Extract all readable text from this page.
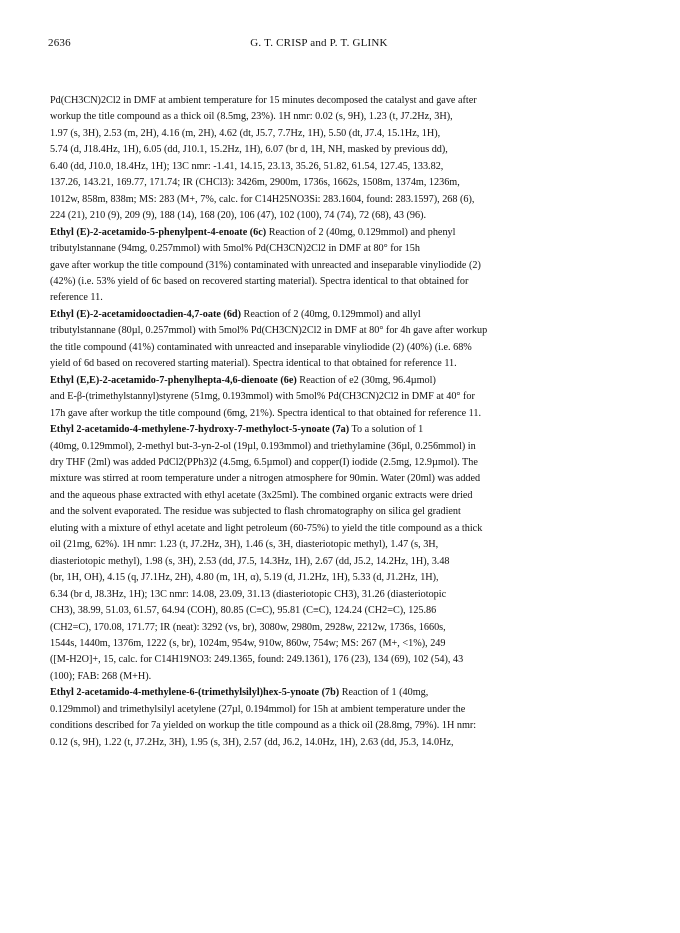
2636	G. T. CRISP and P. T. GLINK

Pd(CH3CN)2Cl2 in DMF at ambient temperature for 15 minutes decomposed the catalyst and gave after
workup the title compound as a thick oil (8.5mg, 23%). 1H nmr: 0.02 (s, 9H), 1.23 (t, J7.2Hz, 3H),
1.97 (s, 3H), 2.53 (m, 2H), 4.16 (m, 2H), 4.62 (dt, J5.7, 7.7Hz, 1H), 5.50 (dt, J7.4, 15.1Hz, 1H),
5.74 (d, J18.4Hz, 1H), 6.05 (dd, J10.1, 15.2Hz, 1H), 6.07 (br d, 1H, NH, masked by previous dd),
6.40 (dd, J10.0, 18.4Hz, 1H); 13C nmr: -1.41, 14.15, 23.13, 35.26, 51.82, 61.54, 127.45, 133.82,
137.26, 143.21, 169.77, 171.74; IR (CHCl3): 3426m, 2900m, 1736s, 1662s, 1508m, 1374m, 1236m,
1012w, 858m, 838m; MS: 283 (M+, 7%, calc. for C14H25NO3Si: 283.1604, found: 283.1597), 268 (6),
224 (21), 210 (9), 209 (9), 188 (14), 168 (20), 106 (47), 102 (100), 74 (74), 72 (68), 43 (96).

Ethyl (E)-2-acetamido-5-phenylpent-4-enoate (6c) Reaction of 2 (40mg, 0.129mmol) and phenyl
tributylstannane (94mg, 0.257mmol) with 5mol% Pd(CH3CN)2Cl2 in DMF at 80° for 15h
gave after workup the title compound (31%) contaminated with unreacted and inseparable vinyliodide (2)
(42%) (i.e. 53% yield of 6c based on recovered starting material). Spectra identical to that obtained for
reference 11.

Ethyl (E)-2-acetamidooctadien-4,7-oate (6d) Reaction of 2 (40mg, 0.129mmol) and allyl
tributylstannane (80µl, 0.257mmol) with 5mol% Pd(CH3CN)2Cl2 in DMF at 80° for 4h gave after workup
the title compound (41%) contaminated with unreacted and inseparable vinyliodide (2) (40%) (i.e. 68%
yield of 6d based on recovered starting material). Spectra identical to that obtained for reference 11.

Ethyl (E,E)-2-acetamido-7-phenylhepta-4,6-dienoate (6e) Reaction of e2 (30mg, 96.4µmol)
and E-β-(trimethylstannyl)styrene (51mg, 0.193mmol) with 5mol% Pd(CH3CN)2Cl2 in DMF at 40° for
17h gave after workup the title compound (6mg, 21%). Spectra identical to that obtained for reference 11.

Ethyl 2-acetamido-4-methylene-7-hydroxy-7-methyloct-5-ynoate (7a) To a solution of 1
(40mg, 0.129mmol), 2-methyl but-3-yn-2-ol (19µl, 0.193mmol) and triethylamine (36µl, 0.256mmol) in
dry THF (2ml) was added PdCl2(PPh3)2 (4.5mg, 6.5µmol) and copper(I) iodide (2.5mg, 12.9µmol). The
mixture was stirred at room temperature under a nitrogen atmosphere for 90min. Water (20ml) was added
and the aqueous phase extracted with ethyl acetate (3x25ml). The combined organic extracts were dried
and the solvent evaporated. The residue was subjected to flash chromatography on silica gel gradient
eluting with a mixture of ethyl acetate and light petroleum (60-75%) to yield the title compound as a thick
oil (21mg, 62%). 1H nmr: 1.23 (t, J7.2Hz, 3H), 1.46 (s, 3H, diasteriotopic methyl), 1.47 (s, 3H,
diasteriotopic methyl), 1.98 (s, 3H), 2.53 (dd, J7.5, 14.3Hz, 1H), 2.67 (dd, J5.2, 14.2Hz, 1H), 3.48
(br, 1H, OH), 4.15 (q, J7.1Hz, 2H), 4.80 (m, 1H, α), 5.19 (d, J1.2Hz, 1H), 5.33 (d, J1.2Hz, 1H),
6.34 (br d, J8.3Hz, 1H); 13C nmr: 14.08, 23.09, 31.13 (diasteriotopic CH3), 31.26 (diasteriotopic
CH3), 38.99, 51.03, 61.57, 64.94 (COH), 80.85 (C≡C), 95.81 (C≡C), 124.24 (CH2=C), 125.86
(CH2=C), 170.08, 171.77; IR (neat): 3292 (vs, br), 3080w, 2980m, 2928w, 2212w, 1736s, 1660s,
1544s, 1440m, 1376m, 1222 (s, br), 1024m, 954w, 910w, 860w, 754w; MS: 267 (M+, <1%), 249
([M-H2O]+, 15, calc. for C14H19NO3: 249.1365, found: 249.1361), 176 (23), 134 (69), 102 (54), 43
(100); FAB: 268 (M+H).

Ethyl 2-acetamido-4-methylene-6-(trimethylsilyl)hex-5-ynoate (7b) Reaction of 1 (40mg,
0.129mmol) and trimethylsilyl acetylene (27µl, 0.194mmol) for 15h at ambient temperature under the
conditions described for 7a yielded on workup the title compound as a thick oil (28.8mg, 79%). 1H nmr:
0.12 (s, 9H), 1.22 (t, J7.2Hz, 3H), 1.95 (s, 3H), 2.57 (dd, J6.2, 14.0Hz, 1H), 2.63 (dd, J5.3, 14.0Hz,
